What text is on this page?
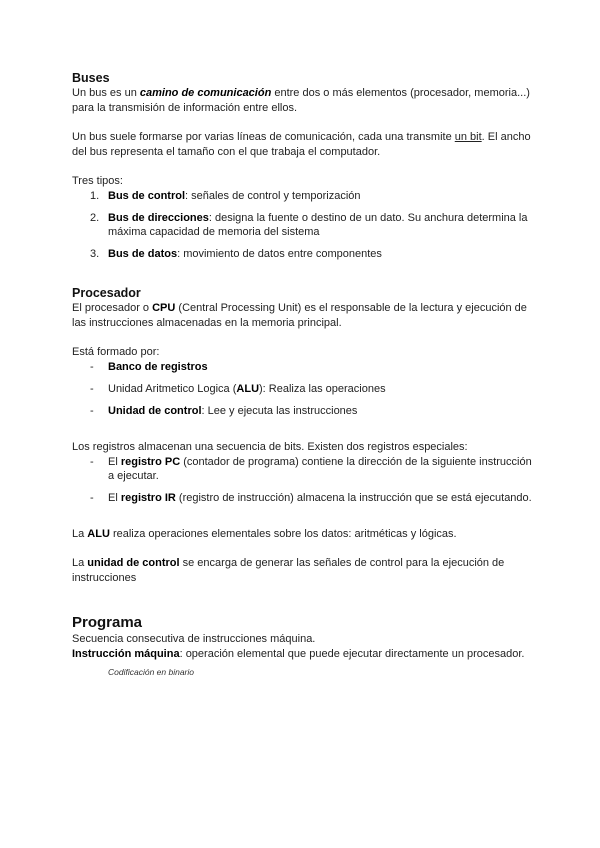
Buses

Un bus es un camino de comunicación entre dos o más elementos (procesador, memoria...) para la transmisión de información entre ellos.

Un bus suele formarse por varias líneas de comunicación, cada una transmite un bit. El ancho del bus representa el tamaño con el que trabaja el computador.

Tres tipos:

1. Bus de control: señales de control y temporización
2. Bus de direcciones: designa la fuente o destino de un dato. Su anchura determina la máxima capacidad de memoria del sistema
3. Bus de datos: movimiento de datos entre componentes
Procesador

El procesador o CPU (Central Processing Unit) es el responsable de la lectura y ejecución de las instrucciones almacenadas en la memoria principal.

Está formado por:

- Banco de registros
- Unidad Aritmetico Logica (ALU): Realiza las operaciones
- Unidad de control: Lee y ejecuta las instrucciones

Los registros almacenan una secuencia de bits. Existen dos registros especiales:

- El registro PC (contador de programa) contiene la dirección de la siguiente instrucción a ejecutar.
- El registro IR (registro de instrucción) almacena la instrucción que se está ejecutando.

La ALU realiza operaciones elementales sobre los datos: aritméticas y lógicas.

La unidad de control se encarga de generar las señales de control para la ejecución de instrucciones

Programa

Secuencia consecutiva de instrucciones máquina.

Instrucción máquina: operación elemental que puede ejecutar directamente un procesador.

Codificación en binario
